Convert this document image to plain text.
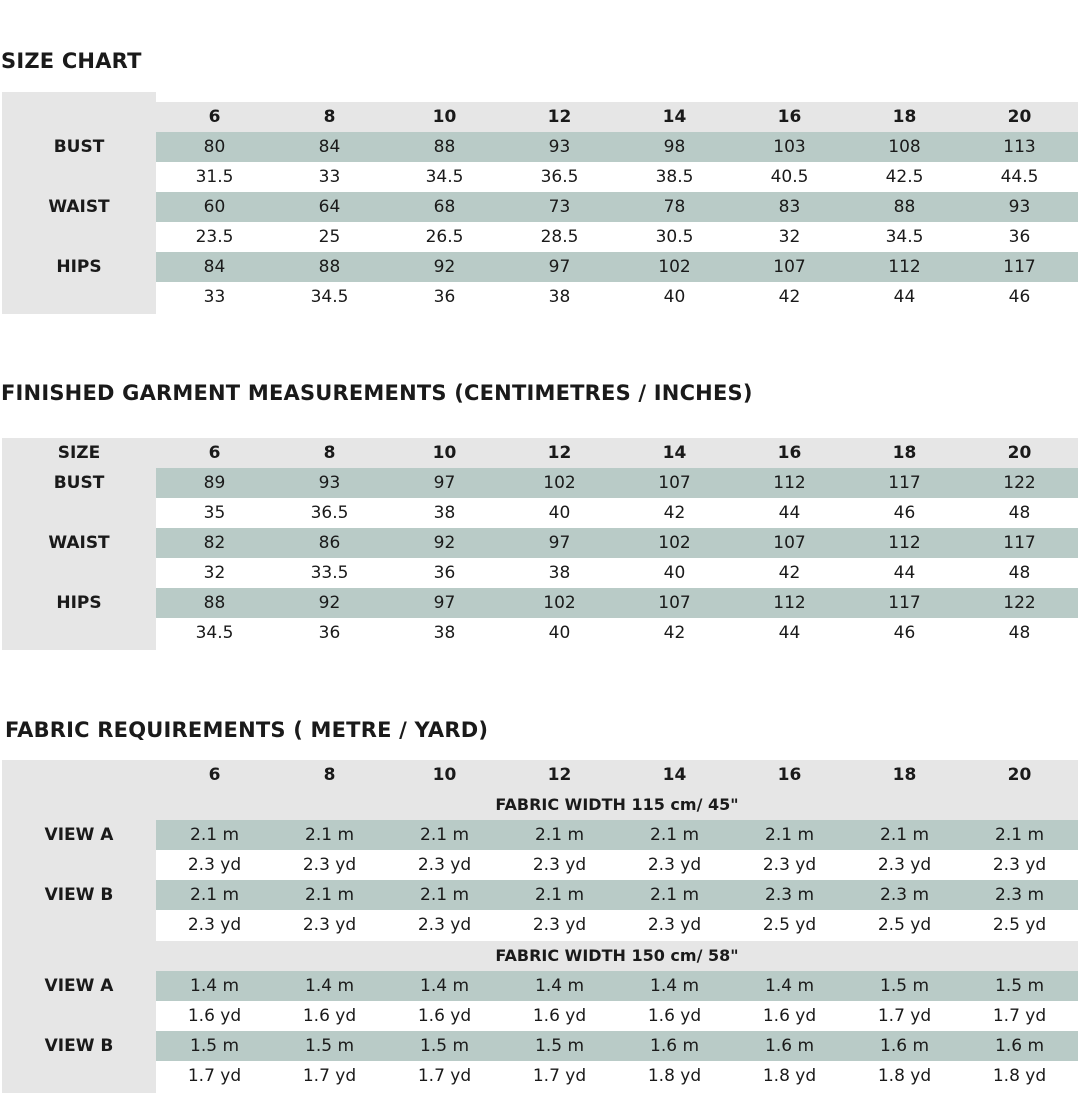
SIZE CHART
6	8	10	12	14	16	18	20
BUST	80	84	88	93	98	103	108	113
31.5	33	34.5	36.5	38.5	40.5	42.5	44.5
WAIST	60	64	68	73	78	83	88	93
23.5	25	26.5	28.5	30.5	32	34.5	36
HIPS	84	88	92	97	102	107	112	117
33	34.5	36	38	40	42	44	46
FINISHED GARMENT MEASUREMENTS (CENTIMETRES / INCHES)
SIZE	6	8	10	12	14	16	18	20
BUST	89	93	97	102	107	112	117	122
35	36.5	38	40	42	44	46	48
WAIST	82	86	92	97	102	107	112	117
32	33.5	36	38	40	42	44	48
HIPS	88	92	97	102	107	112	117	122
34.5	36	38	40	42	44	46	48
FABRIC REQUIREMENTS ( METRE / YARD)
6	8	10	12	14	16	18	20
FABRIC WIDTH 115 cm/ 45"
VIEW A	2.1 m	2.1 m	2.1 m	2.1 m	2.1 m	2.1 m	2.1 m	2.1 m
2.3 yd	2.3 yd	2.3 yd	2.3 yd	2.3 yd	2.3 yd	2.3 yd	2.3 yd
VIEW B	2.1 m	2.1 m	2.1 m	2.1 m	2.1 m	2.3 m	2.3 m	2.3 m
2.3 yd	2.3 yd	2.3 yd	2.3 yd	2.3 yd	2.5 yd	2.5 yd	2.5 yd
FABRIC WIDTH 150 cm/ 58"
VIEW A	1.4 m	1.4 m	1.4 m	1.4 m	1.4 m	1.4 m	1.5 m	1.5 m
1.6 yd	1.6 yd	1.6 yd	1.6 yd	1.6 yd	1.6 yd	1.7 yd	1.7 yd
VIEW B	1.5 m	1.5 m	1.5 m	1.5 m	1.6 m	1.6 m	1.6 m	1.6 m
1.7 yd	1.7 yd	1.7 yd	1.7 yd	1.8 yd	1.8 yd	1.8 yd	1.8 yd
